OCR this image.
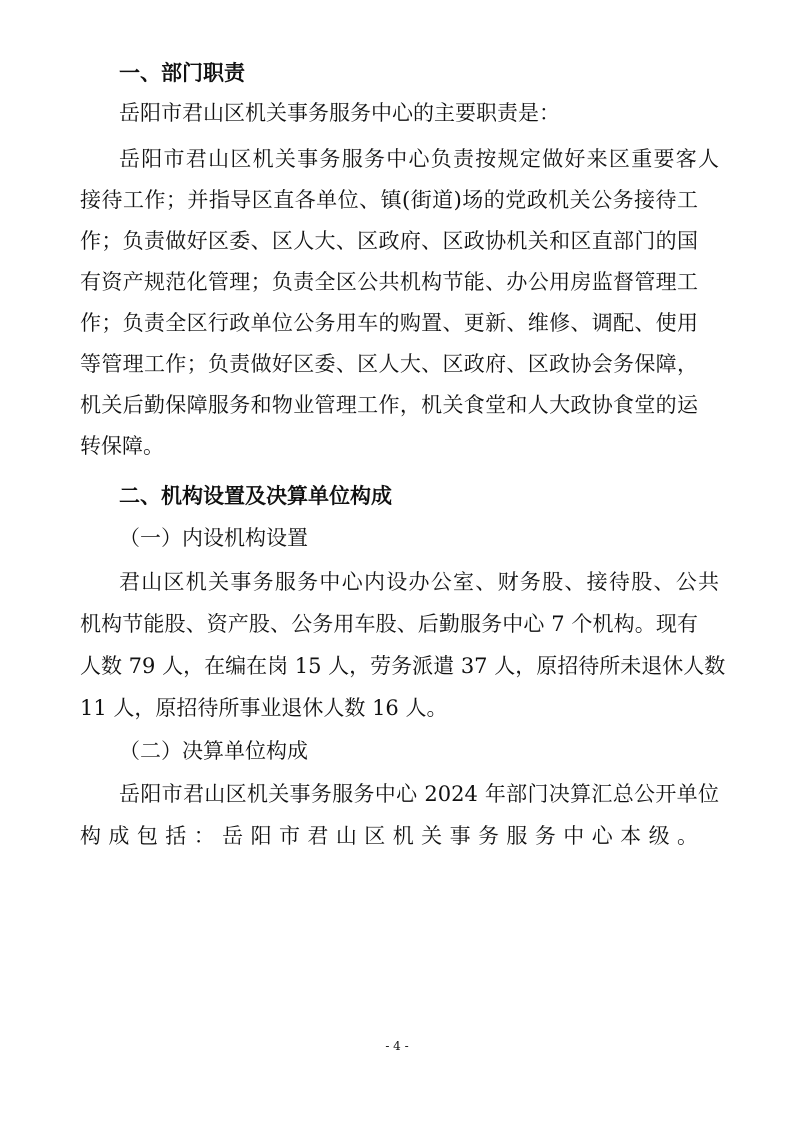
一、部门职责
岳阳市君山区机关事务服务中心的主要职责是：
岳阳市君山区机关事务服务中心负责按规定做好来区重要客人
接待工作；并指导区直各单位、镇(街道)场的党政机关公务接待工
作；负责做好区委、区人大、区政府、区政协机关和区直部门的国
有资产规范化管理；负责全区公共机构节能、办公用房监督管理工
作；负责全区行政单位公务用车的购置、更新、维修、调配、使用
等管理工作；负责做好区委、区人大、区政府、区政协会务保障，
机关后勤保障服务和物业管理工作，机关食堂和人大政协食堂的运
转保障。
二、机构设置及决算单位构成
（一）内设机构设置
君山区机关事务服务中心内设办公室、财务股、接待股、公共
机构节能股、资产股、公务用车股、后勤服务中心 7 个机构。现有
人数 79 人，在编在岗 15 人，劳务派遣 37 人，原招待所未退休人数
11 人，原招待所事业退休人数 16 人。
（二）决算单位构成
岳阳市君山区机关事务服务中心 2024 年部门决算汇总公开单位
构成包括：岳阳市君山区机关事务服务中心本级。
- 4 -
